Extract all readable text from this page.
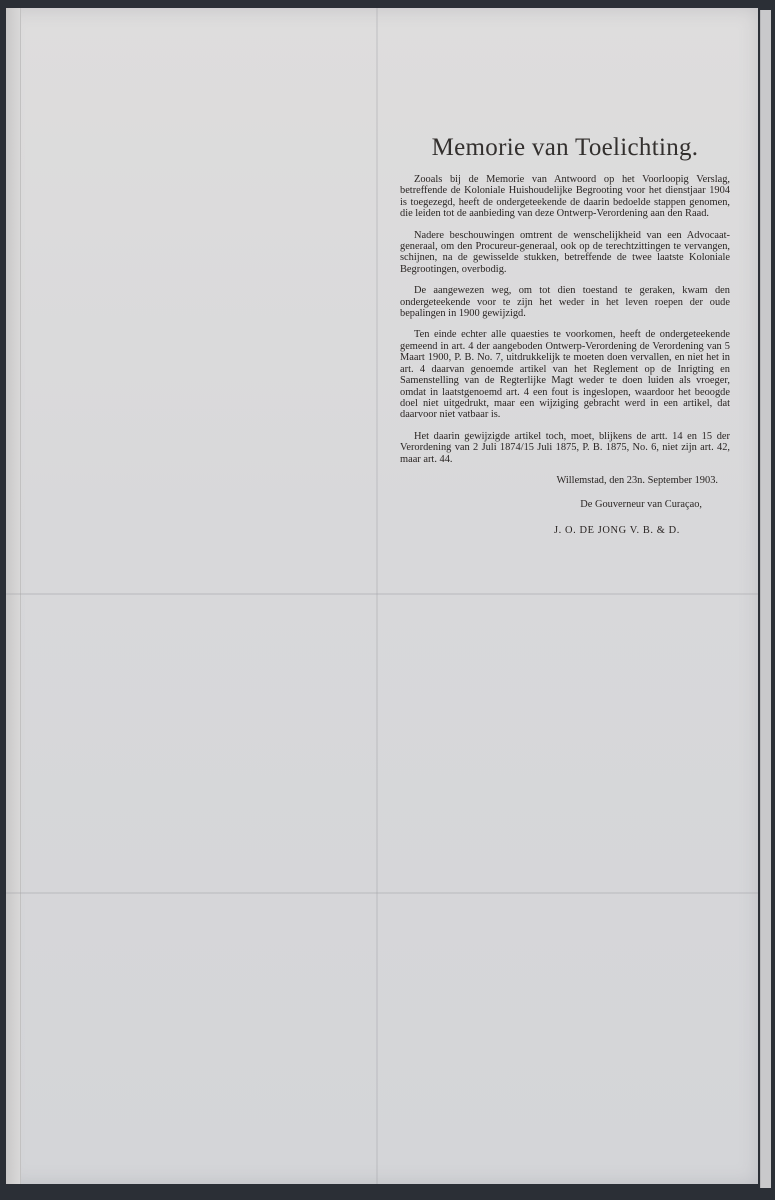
Memorie van Toelichting.

Zooals bij de Memorie van Antwoord op het Voorloopig Verslag, betreffende de Koloniale Huishoudelijke Begrooting voor het dienstjaar 1904 is toegezegd, heeft de ondergeteekende de daarin bedoelde stappen genomen, die leiden tot de aanbieding van deze Ontwerp-Verordening aan den Raad.

Nadere beschouwingen omtrent de wenschelijkheid van een Advocaat-generaal, om den Procureur-generaal, ook op de terechtzittingen te vervangen, schijnen, na de gewisselde stukken, betreffende de twee laatste Koloniale Begrootingen, overbodig.

De aangewezen weg, om tot dien toestand te geraken, kwam den ondergeteekende voor te zijn het weder in het leven roepen der oude bepalingen in 1900 gewijzigd.

Ten einde echter alle quaesties te voorkomen, heeft de ondergeteekende gemeend in art. 4 der aangeboden Ontwerp-Verordening de Verordening van 5 Maart 1900, P. B. No. 7, uitdrukkelijk te moeten doen vervallen, en niet het in art. 4 daarvan genoemde artikel van het Reglement op de Inrigting en Samenstelling van de Regterlijke Magt weder te doen luiden als vroeger, omdat in laatstgenoemd art. 4 een fout is ingeslopen, waardoor het beoogde doel niet uitgedrukt, maar een wijziging gebracht werd in een artikel, dat daarvoor niet vatbaar is.

Het daarin gewijzigde artikel toch, moet, blijkens de artt. 14 en 15 der Verordening van 2 Juli 1874/15 Juli 1875, P. B. 1875, No. 6, niet zijn art. 42, maar art. 44.

Willemstad, den 23n. September 1903.

De Gouverneur van Curaçao,

J. O. DE JONG V. B. & D.
